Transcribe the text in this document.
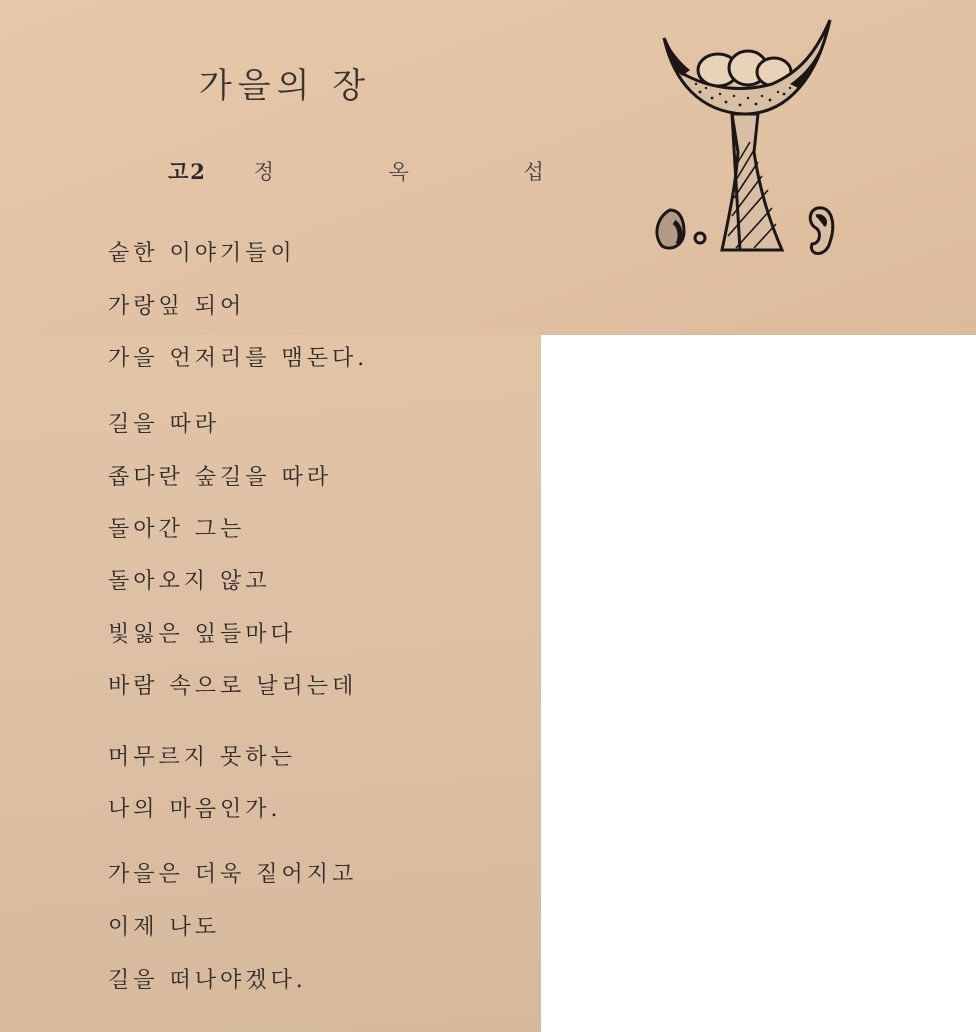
가을의 장
고2 정 옥 섭
숱한 이야기들이
가랑잎 되어
가을 언저리를 맴돈다.
길을 따라
좁다란 숲길을 따라
돌아간 그는
돌아오지 않고
빛잃은 잎들마다
바람 속으로 날리는데
머무르지 못하는
나의 마음인가.
가을은 더욱 짙어지고
이제 나도
길을 떠나야겠다.
